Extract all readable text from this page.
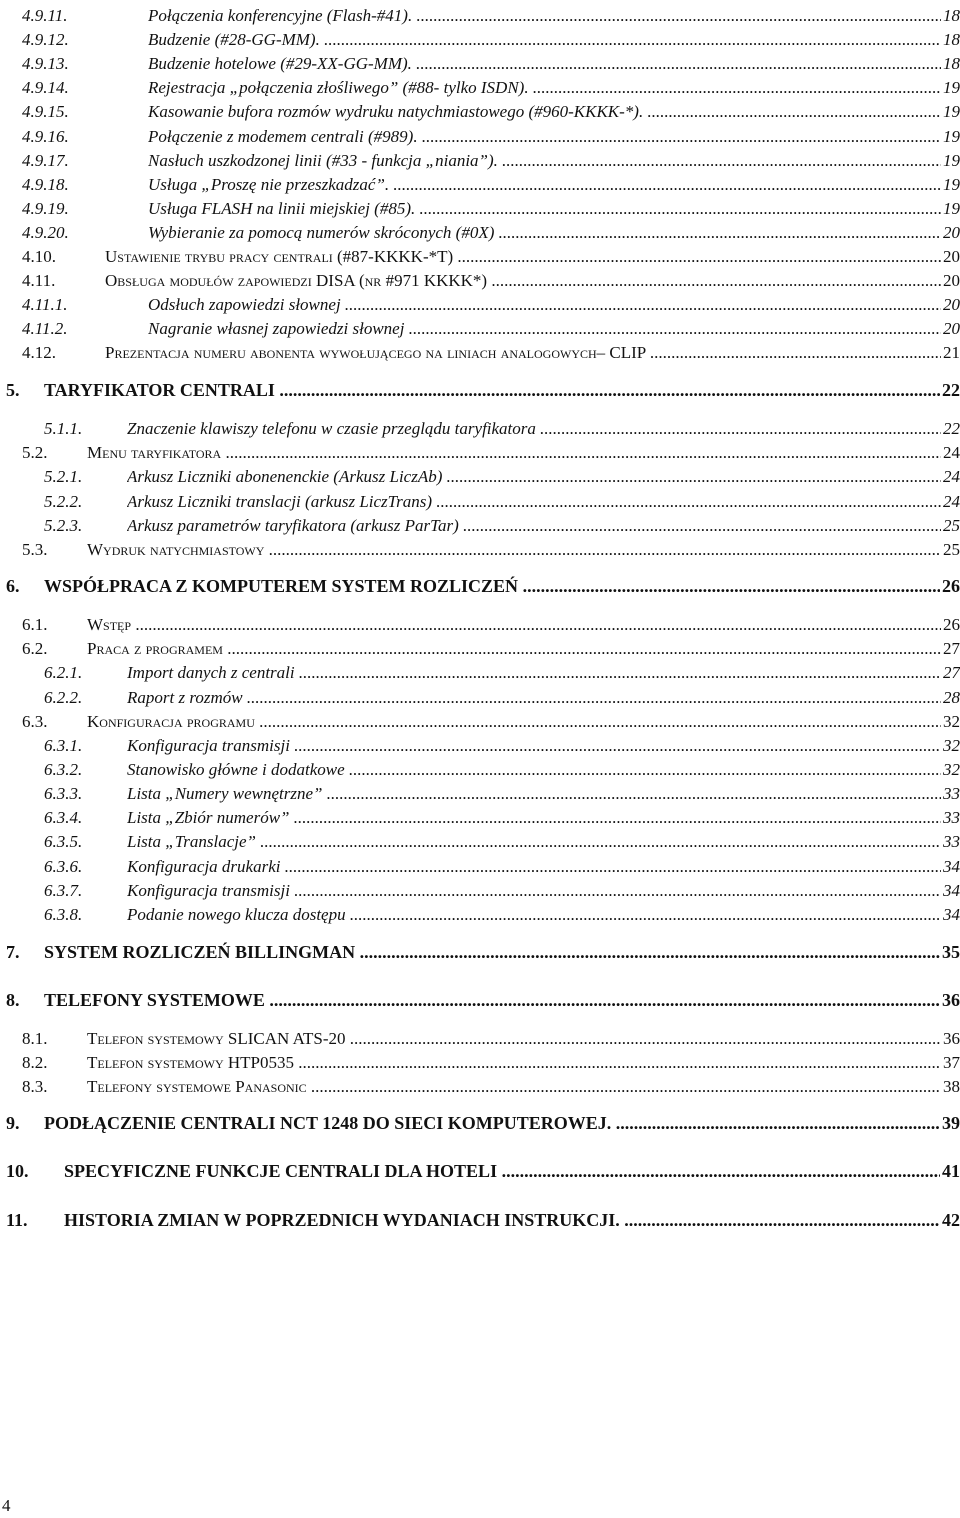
4.9.11.	Połączenia konferencyjne (Flash-#41). .....	18
4.9.12.	Budzenie (#28-GG-MM). .....	18
4.9.13.	Budzenie hotelowe (#29-XX-GG-MM). .....	18
4.9.14.	Rejestracja „połączenia złośliwego” (#88- tylko ISDN). .....	19
4.9.15.	Kasowanie bufora rozmów wydruku natychmiastowego (#960-KKKK-*). .....	19
4.9.16.	Połączenie z modemem centrali (#989). .....	19
4.9.17.	Nasłuch uszkodzonej linii (#33 - funkcja „niania”). .....	19
4.9.18.	Usługa „Proszę nie przeszkadzać”. .....	19
4.9.19.	Usługa FLASH na linii miejskiej (#85). .....	19
4.9.20.	Wybieranie za pomocą numerów skróconych (#0X) .....	20
4.10.	Ustawienie trybu pracy centrali (#87-KKKK-*T) .....	20
4.11.	Obsługa modułów zapowiedzi DISA (nr #971 KKKK*) .....	20
4.11.1.	Odsłuch zapowiedzi słownej .....	20
4.11.2.	Nagranie własnej zapowiedzi słownej .....	20
4.12.	Prezentacja numeru abonenta wywołującego na liniach analogowych– CLIP .....	21
5. TARYFIKATOR CENTRALI .....	22
5.1.1.	Znaczenie klawiszy telefonu w czasie przeglądu taryfikatora .....	22
5.2. Menu taryfikatora .....	24
5.2.1.	Arkusz Liczniki abonenenckie (Arkusz LiczAb) .....	24
5.2.2.	Arkusz Liczniki translacji (arkusz LiczTrans) .....	24
5.2.3.	Arkusz parametrów taryfikatora (arkusz ParTar) .....	25
5.3. Wydruk natychmiastowy .....	25
6. WSPÓŁPRACA Z KOMPUTEREM SYSTEM ROZLICZEŃ .....	26
6.1. Wstęp .....	26
6.2. Praca z programem .....	27
6.2.1.	Import danych z centrali .....	27
6.2.2.	Raport z rozmów .....	28
6.3. Konfiguracja programu .....	32
6.3.1.	Konfiguracja transmisji .....	32
6.3.2.	Stanowisko główne i dodatkowe .....	32
6.3.3.	Lista „Numery wewnętrzne” .....	33
6.3.4.	Lista „Zbiór numerów” .....	33
6.3.5.	Lista „Translacje” .....	33
6.3.6.	Konfiguracja drukarki .....	34
6.3.7.	Konfiguracja transmisji .....	34
6.3.8.	Podanie nowego klucza dostępu .....	34
7. SYSTEM ROZLICZEŃ BILLINGMAN .....	35
8. TELEFONY SYSTEMOWE .....	36
8.1. Telefon systemowy SLICAN ATS-20 .....	36
8.2. Telefon systemowy HTP0535 .....	37
8.3. Telefony systemowe Panasonic .....	38
9. PODŁĄCZENIE CENTRALI NCT 1248 DO SIECI KOMPUTEROWEJ. .....	39
10. SPECYFICZNE FUNKCJE CENTRALI DLA HOTELI .....	41
11. HISTORIA ZMIAN W POPRZEDNICH WYDANIACH INSTRUKCJI. .....	42
4
